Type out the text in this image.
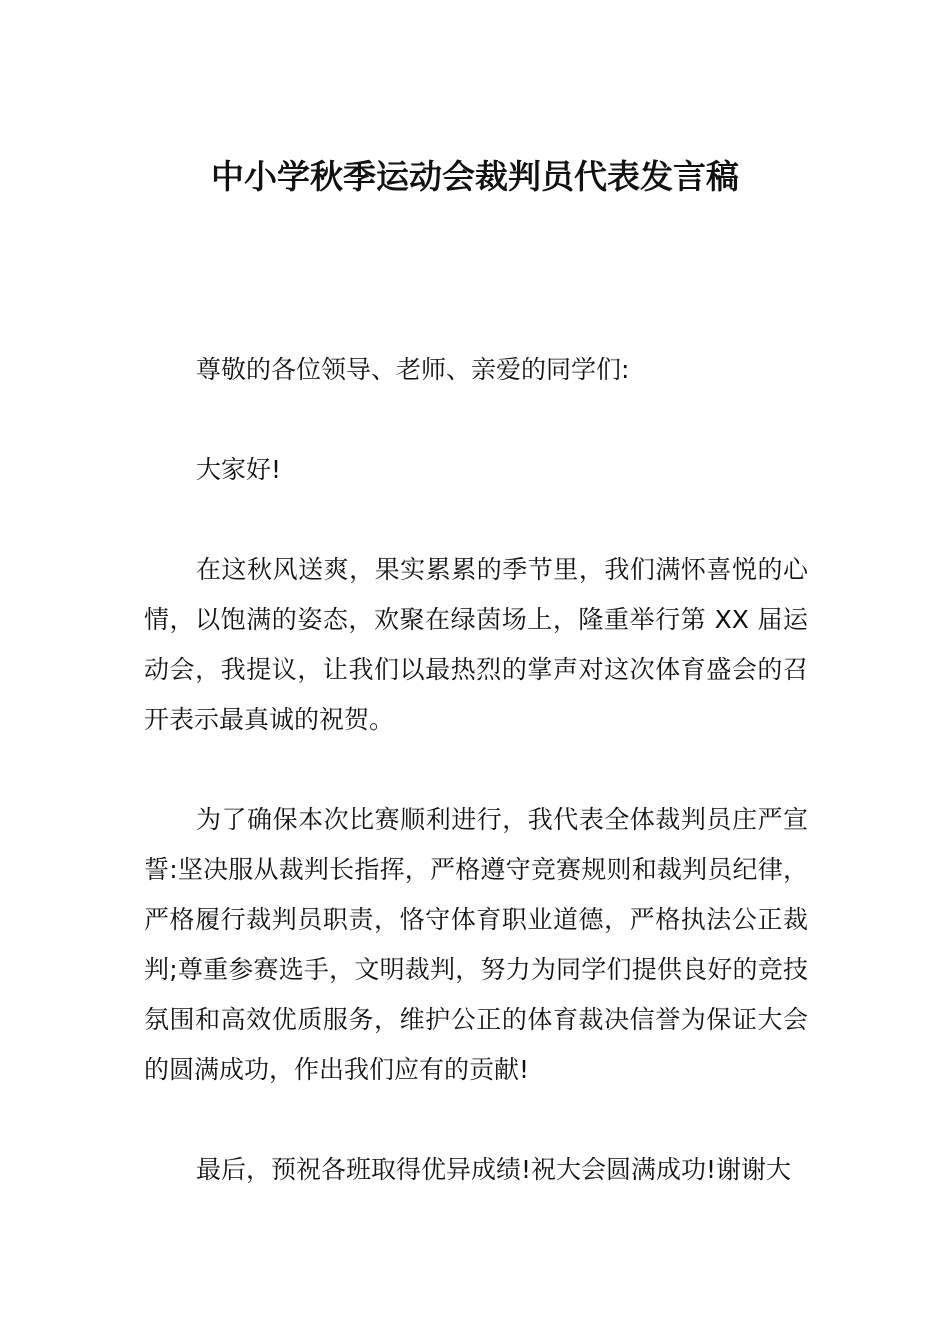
中小学秋季运动会裁判员代表发言稿

尊敬的各位领导、老师、亲爱的同学们:

大家好!

在这秋风送爽，果实累累的季节里，我们满怀喜悦的心情，以饱满的姿态，欢聚在绿茵场上，隆重举行第 XX 届运动会，我提议，让我们以最热烈的掌声对这次体育盛会的召开表示最真诚的祝贺。

为了确保本次比赛顺利进行，我代表全体裁判员庄严宣誓:坚决服从裁判长指挥，严格遵守竞赛规则和裁判员纪律，严格履行裁判员职责，恪守体育职业道德，严格执法公正裁判;尊重参赛选手，文明裁判，努力为同学们提供良好的竞技氛围和高效优质服务，维护公正的体育裁决信誉为保证大会的圆满成功，作出我们应有的贡献!

最后，预祝各班取得优异成绩!祝大会圆满成功!谢谢大
